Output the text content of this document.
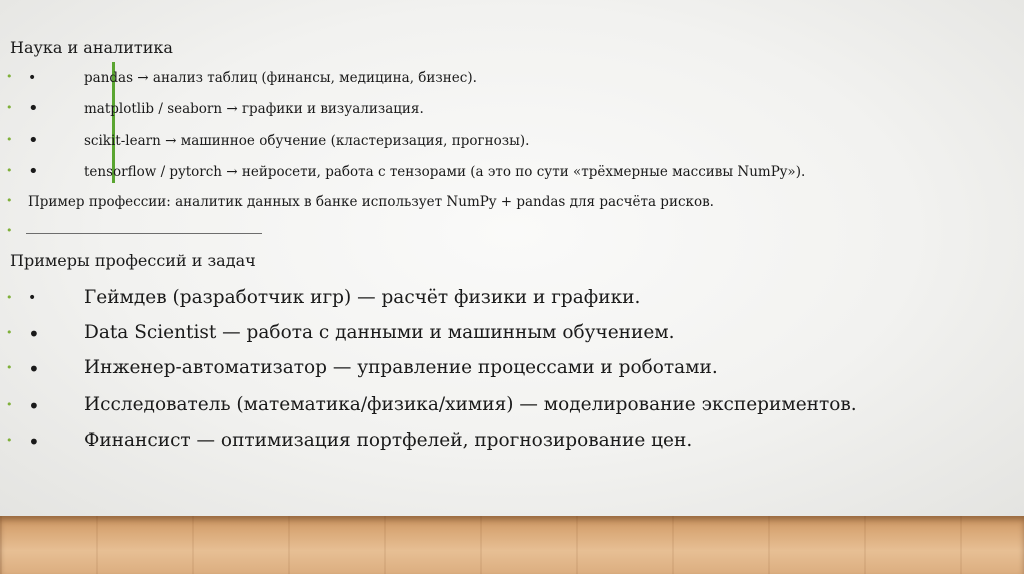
Наука и аналитика
• •	pandas → анализ таблиц (финансы, медицина, бизнес).
• •	matplotlib / seaborn → графики и визуализация.
• •	scikit-learn → машинное обучение (кластеризация, прогнозы).
• •	tensorflow / pytorch → нейросети, работа с тензорами (а это по сути «трёхмерные массивы NumPy»).
• Пример профессии: аналитик данных в банке использует NumPy + pandas для расчёта рисков.
•
Примеры профессий и задач
• •	Геймдев (разработчик игр) — расчёт физики и графики.
• • Data Scientist — работа с данными и машинным обучением.
• • Инженер-автоматизатор — управление процессами и роботами.
• • Исследователь (математика/физика/химия) — моделирование экспериментов.
• • Финансист — оптимизация портфелей, прогнозирование цен.
